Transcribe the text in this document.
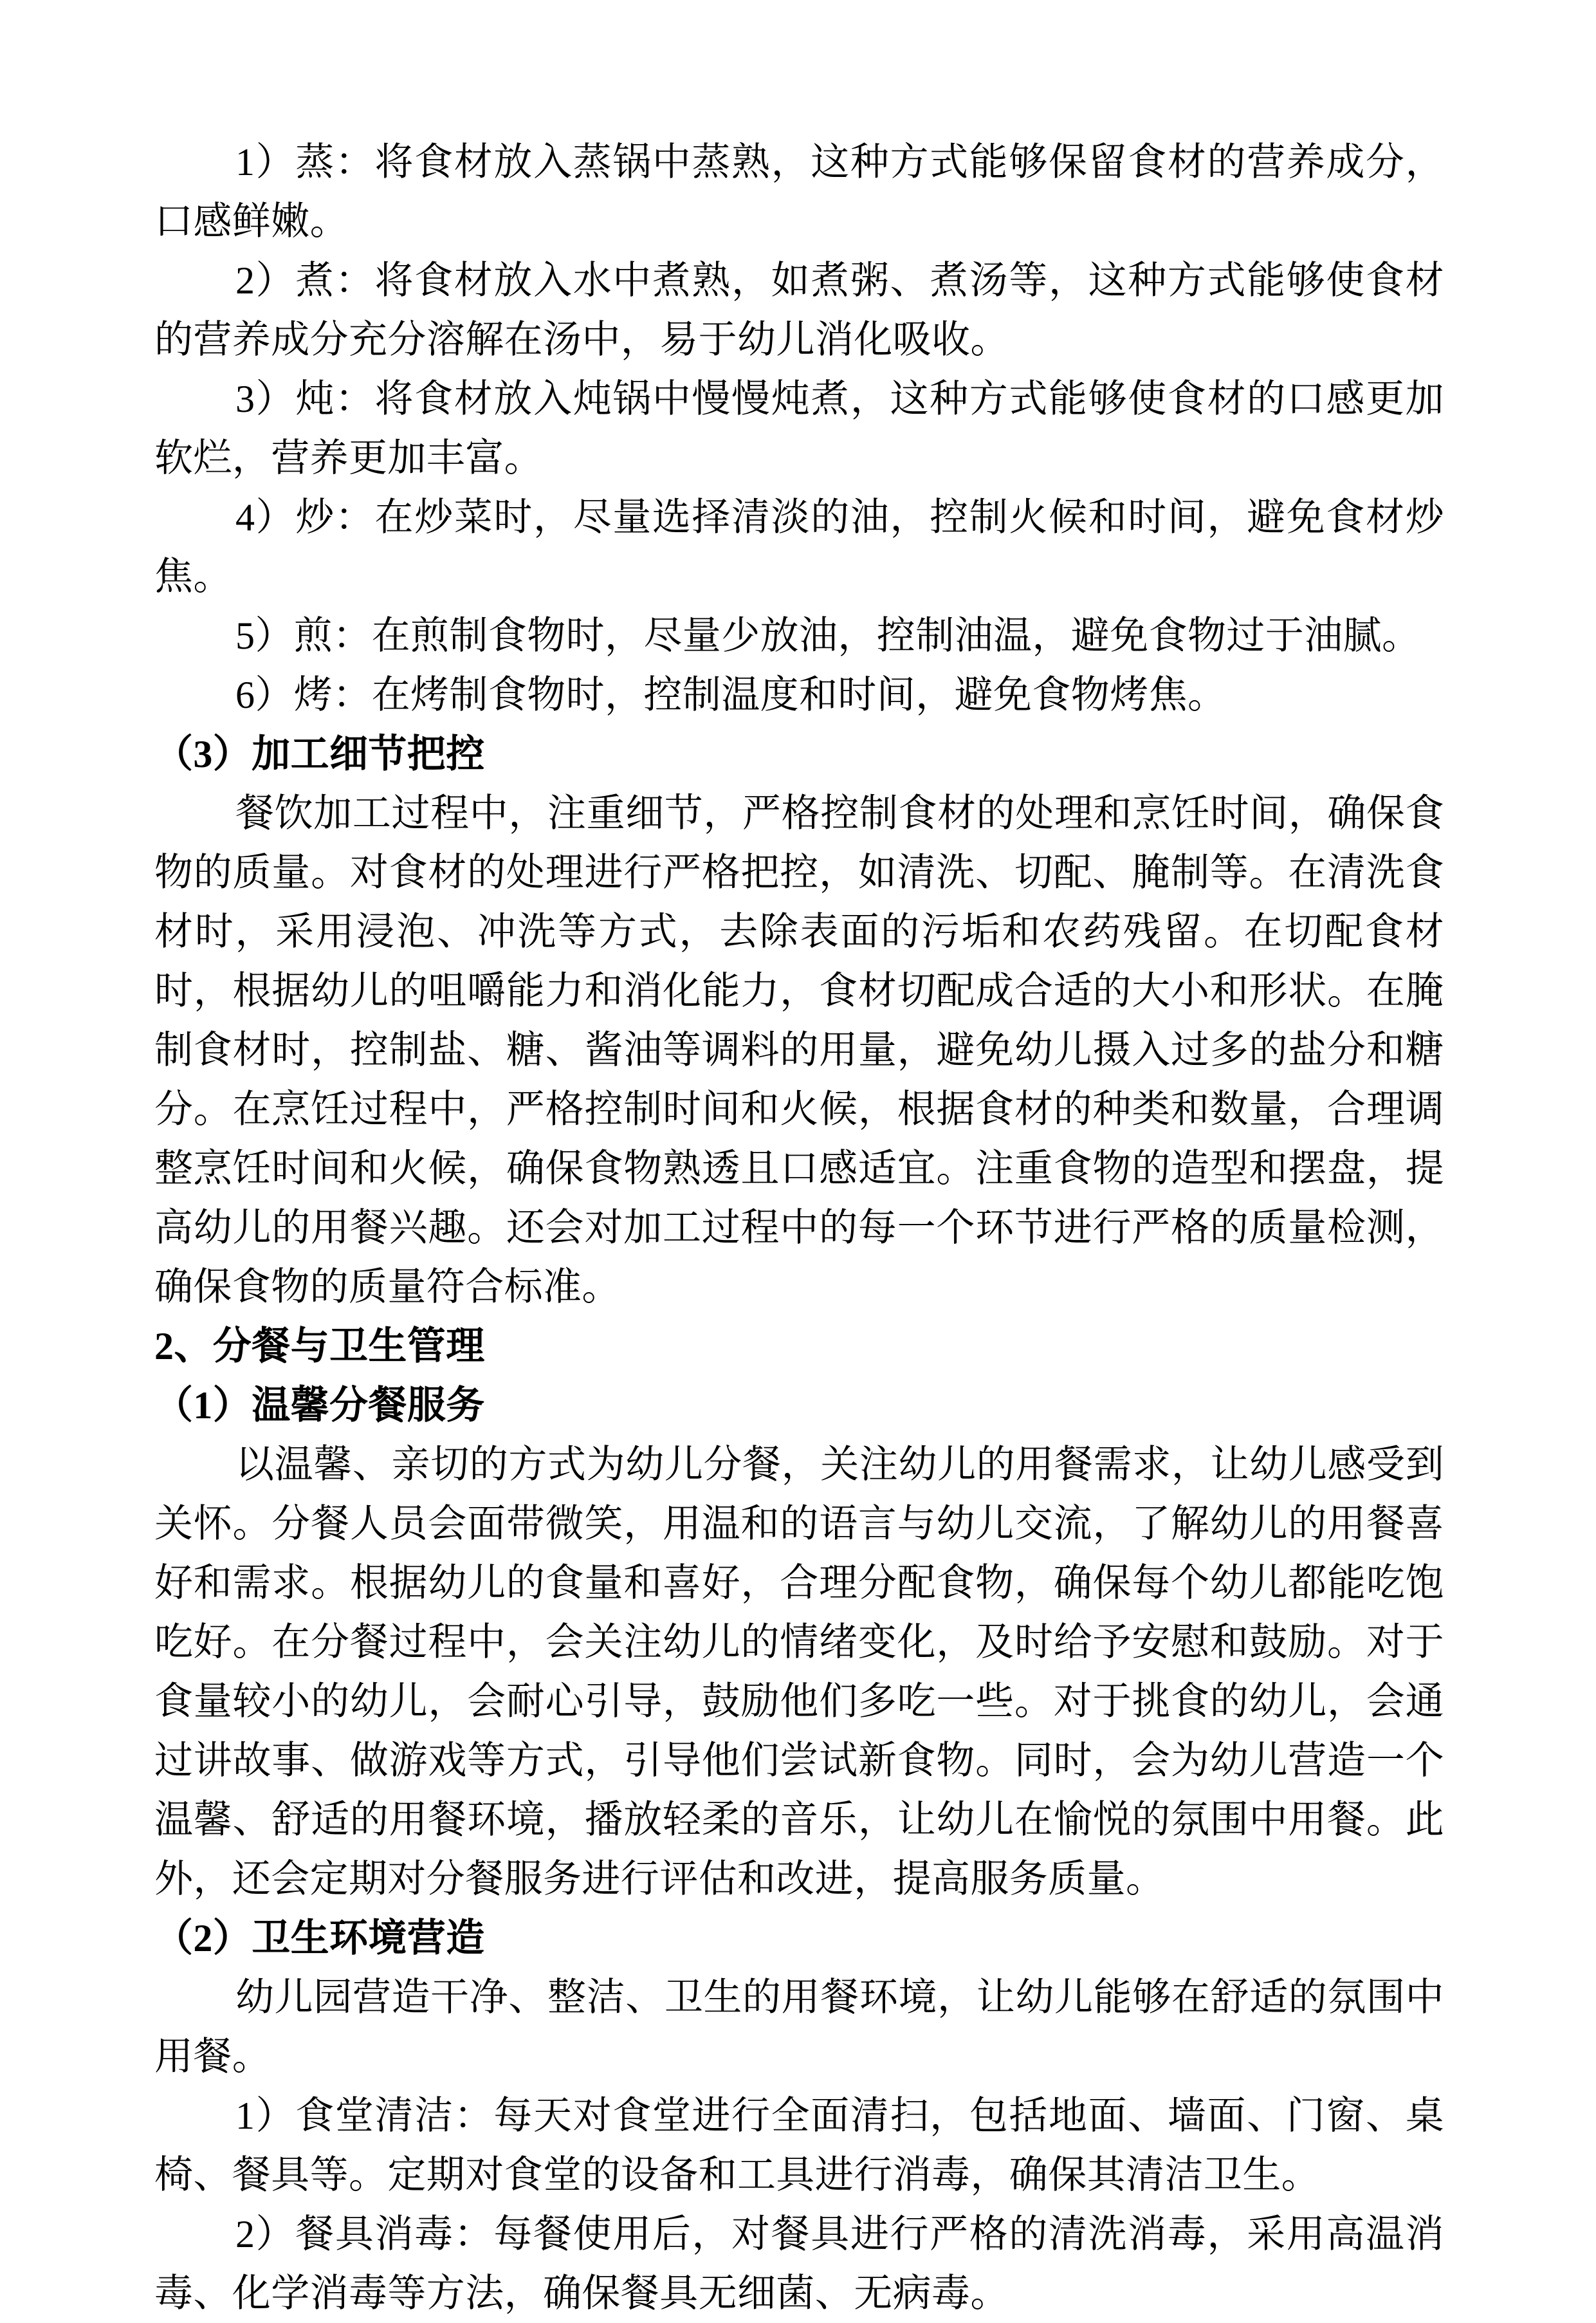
1）蒸：将食材放入蒸锅中蒸熟，这种方式能够保留食材的营养成分，口感鲜嫩。

2）煮：将食材放入水中煮熟，如煮粥、煮汤等，这种方式能够使食材的营养成分充分溶解在汤中，易于幼儿消化吸收。

3）炖：将食材放入炖锅中慢慢炖煮，这种方式能够使食材的口感更加软烂，营养更加丰富。

4）炒：在炒菜时，尽量选择清淡的油，控制火候和时间，避免食材炒焦。

5）煎：在煎制食物时，尽量少放油，控制油温，避免食物过于油腻。

6）烤：在烤制食物时，控制温度和时间，避免食物烤焦。

（3）加工细节把控

餐饮加工过程中，注重细节，严格控制食材的处理和烹饪时间，确保食物的质量。对食材的处理进行严格把控，如清洗、切配、腌制等。在清洗食材时，采用浸泡、冲洗等方式，去除表面的污垢和农药残留。在切配食材时，根据幼儿的咀嚼能力和消化能力，食材切配成合适的大小和形状。在腌制食材时，控制盐、糖、酱油等调料的用量，避免幼儿摄入过多的盐分和糖分。在烹饪过程中，严格控制时间和火候，根据食材的种类和数量，合理调整烹饪时间和火候，确保食物熟透且口感适宜。注重食物的造型和摆盘，提高幼儿的用餐兴趣。还会对加工过程中的每一个环节进行严格的质量检测，确保食物的质量符合标准。

2、分餐与卫生管理

（1）温馨分餐服务

以温馨、亲切的方式为幼儿分餐，关注幼儿的用餐需求，让幼儿感受到关怀。分餐人员会面带微笑，用温和的语言与幼儿交流，了解幼儿的用餐喜好和需求。根据幼儿的食量和喜好，合理分配食物，确保每个幼儿都能吃饱吃好。在分餐过程中，会关注幼儿的情绪变化，及时给予安慰和鼓励。对于食量较小的幼儿，会耐心引导，鼓励他们多吃一些。对于挑食的幼儿，会通过讲故事、做游戏等方式，引导他们尝试新食物。同时，会为幼儿营造一个温馨、舒适的用餐环境，播放轻柔的音乐，让幼儿在愉悦的氛围中用餐。此外，还会定期对分餐服务进行评估和改进，提高服务质量。

（2）卫生环境营造

幼儿园营造干净、整洁、卫生的用餐环境，让幼儿能够在舒适的氛围中用餐。

1）食堂清洁：每天对食堂进行全面清扫，包括地面、墙面、门窗、桌椅、餐具等。定期对食堂的设备和工具进行消毒，确保其清洁卫生。

2）餐具消毒：每餐使用后，对餐具进行严格的清洗消毒，采用高温消毒、化学消毒等方法，确保餐具无细菌、无病毒。
